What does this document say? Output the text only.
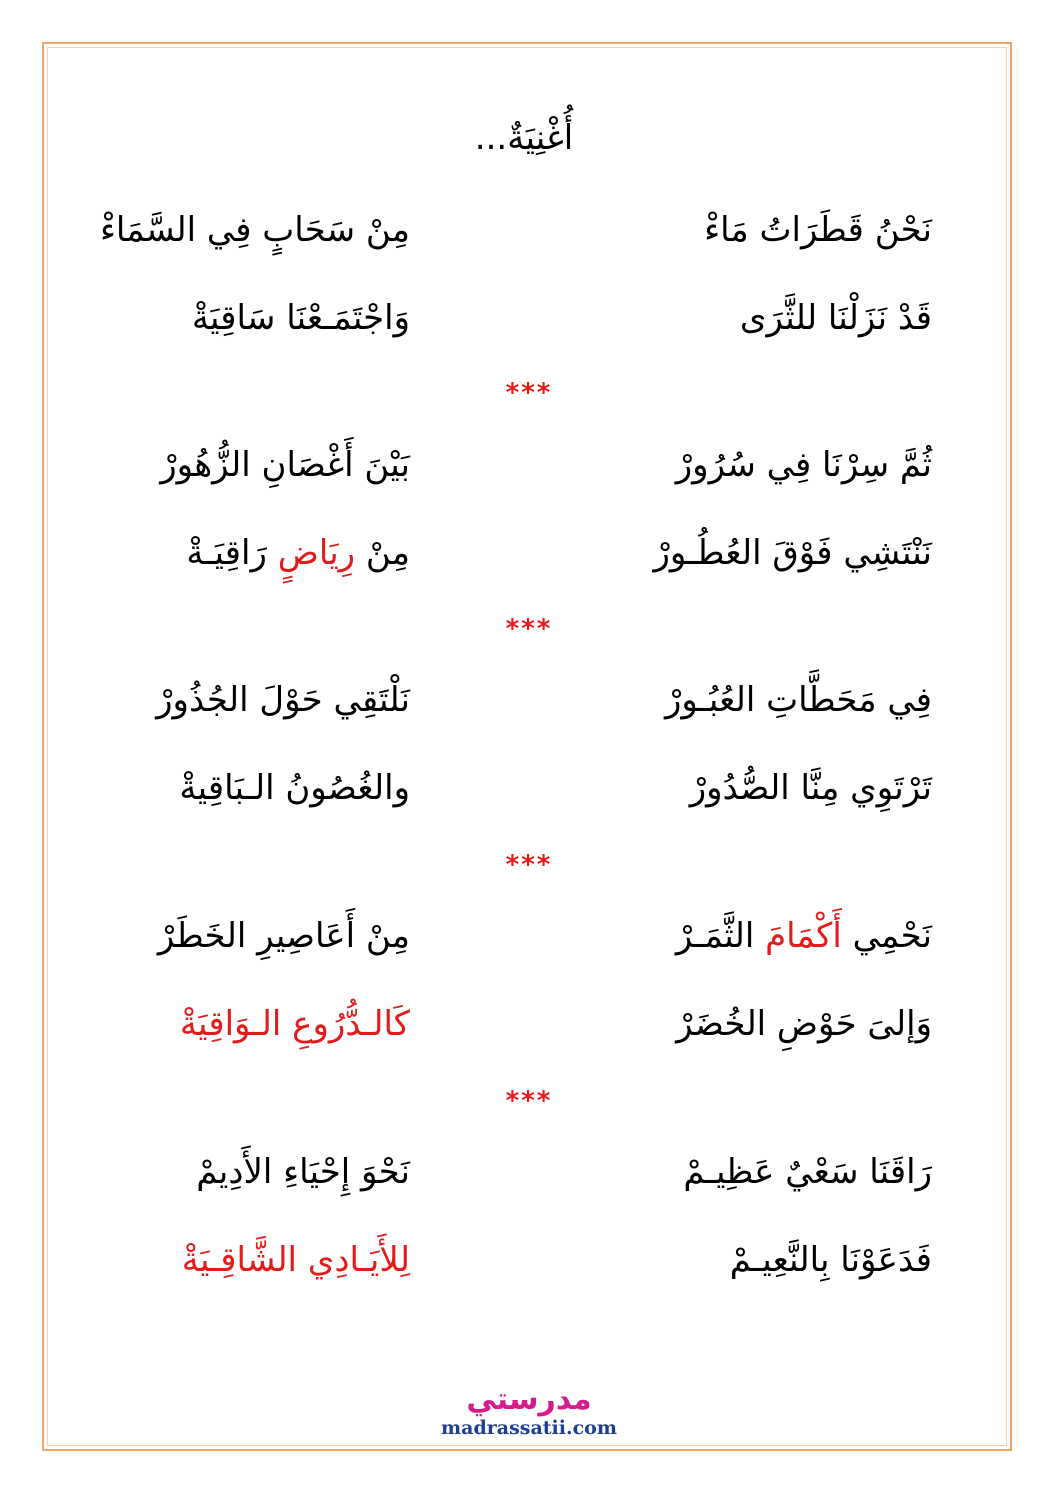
أُغْنِيَةٌ...
نَحْنُ قَطَرَاتُ مَاءْ
مِنْ سَحَابٍ فِي السَّمَاءْ
قَدْ نَزَلْنَا للثَّرَى
وَاجْتَمَـعْنَا سَاقِيَةْ
***
ثُمَّ سِرْنَا فِي سُرُورْ
بَيْنَ أَغْصَانِ الزُّهُورْ
نَنْتَشِي فَوْقَ العُطُـورْ
مِنْ رِيَاضٍ رَاقِيَـةْ
***
فِي مَحَطَّاتِ العُبُـورْ
نَلْتَقِي حَوْلَ الجُذُورْ
تَرْتَوِي مِنَّا الصُّدُورْ
والغُصُونُ الـبَاقِيةْ
***
نَحْمِي أَكْمَامَ الثَّمَـرْ
مِنْ أَعَاصِيرِ الخَطَرْ
وَإلىَ حَوْضِ الخُضَرْ
كَالـدُّرُوعِ الـوَاقِيَةْ
***
رَاقَنَا سَعْيٌ عَظِيـمْ
نَحْوَ إِحْيَاءِ الأَدِيمْ
فَدَعَوْنَا بِالنَّعِيـمْ
لِلأَيَـادِي الشَّاقِـيَةْ
مدرستي
madrassatii.com
